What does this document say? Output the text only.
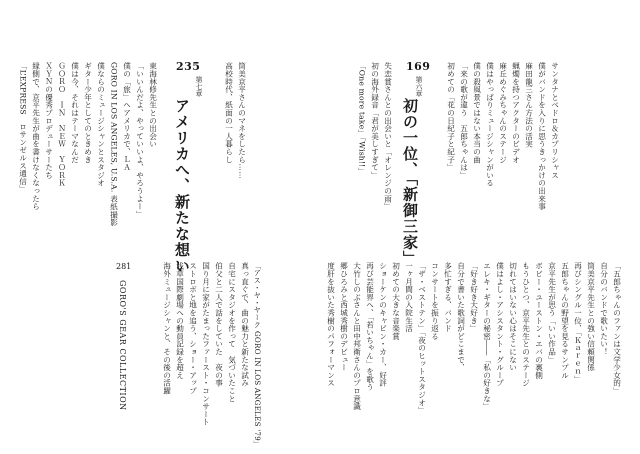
サンタナとベドロ＆カプリシャス
僕がバンドを入りに思うきっかけの出来事
麻田龍三さん方法の活実
蝋燭を持つアクターのビデオ
麻丘めぐみちゃんのステージ
僕はやっぱりミュージシャンがいる
僕の殺風景ではない本当の曲
「来の歌が違う　五郎ちゃんは」
初めての「花の日紀子と紀子」
169
第六章
初の一位、「新御三家」
失恋賞さんとの出会いと「オレンジの雨」
初の海外録音「君が美しすぎて」
「One more take」「Wish!!」
筒美京平さんのマネをしたら……
高校時代、紙面の一人暮らし
235
第七章
アメリカへ、新たな想い
東海林修先生との出会い
「いいんだよ、やっていいよ、やろうよー」
僕の「旅」ヘアメリカで、ＬＡ
GORO IN LOS ANGELES, U.S.A. 表紙撮影
僕ならのミュージシャンとスタジオ
ギター少年としてのときめき
僕は今、それはテーマなんだ
ＧＯＲＯ　ＩＮ　ＮＥＷ　ＹＯＲＫ
ＸＹＮの優秀プロデューサーたち
縁側で、京平先生が曲を書けなくなったら
「L’EXPRESS　ロサンゼルス通信」
「五郎ちゃんのファンは文学少女的」
自分のバンドで歌いたい！
筒美京平先生との強い信頼関係
再びシングル一位、「Ｋａｒｅｎ」
五郎ちゃんの野望を見るサンプル
京平先生が思う「いい作品」
ボビー・ユーストン・エバの裏側
もうひとつ、京平先生とのステージ
切れてはいない心はそこにない
僕はよし・アシスタント・グループ
エレキ・ギターの秘密――「私の好きな」
「好き好き大好き」
自分で書いた歌詞がどこまで、
多忙すぎる、バンド
コンサートを振り返る
「ザ・ベストテン」「夜のヒットスタジオ」
一ヶ月間の入院生活
初めての大きな音楽賞
ショーケンのキャビン・カー、好評
再び芸能界へ、「若いちゃん」を歌う
大竹しのぶさんと田中邦衛さんのプロ意識
郷ひろみと西城秀樹のデビュー
度肝を抜いた秀樹のパフォーマンス
「アス・ヤ・ヤーク GORO IN LOS ANGELES '79」
真っ直ぐで、曲の魅力と新たな試み
自宅にスタジオを作って　気づいたこと
伯父と二人で話をしていた　夜の事
国り月に家がたまったファースト・コンサート
ストロボと地を追う、ショー・アップ
浅草国際劇場への動員記録を超え
海外ミュージシャンと、その後の活躍
281
GORO'S GEAR COLLECTION
